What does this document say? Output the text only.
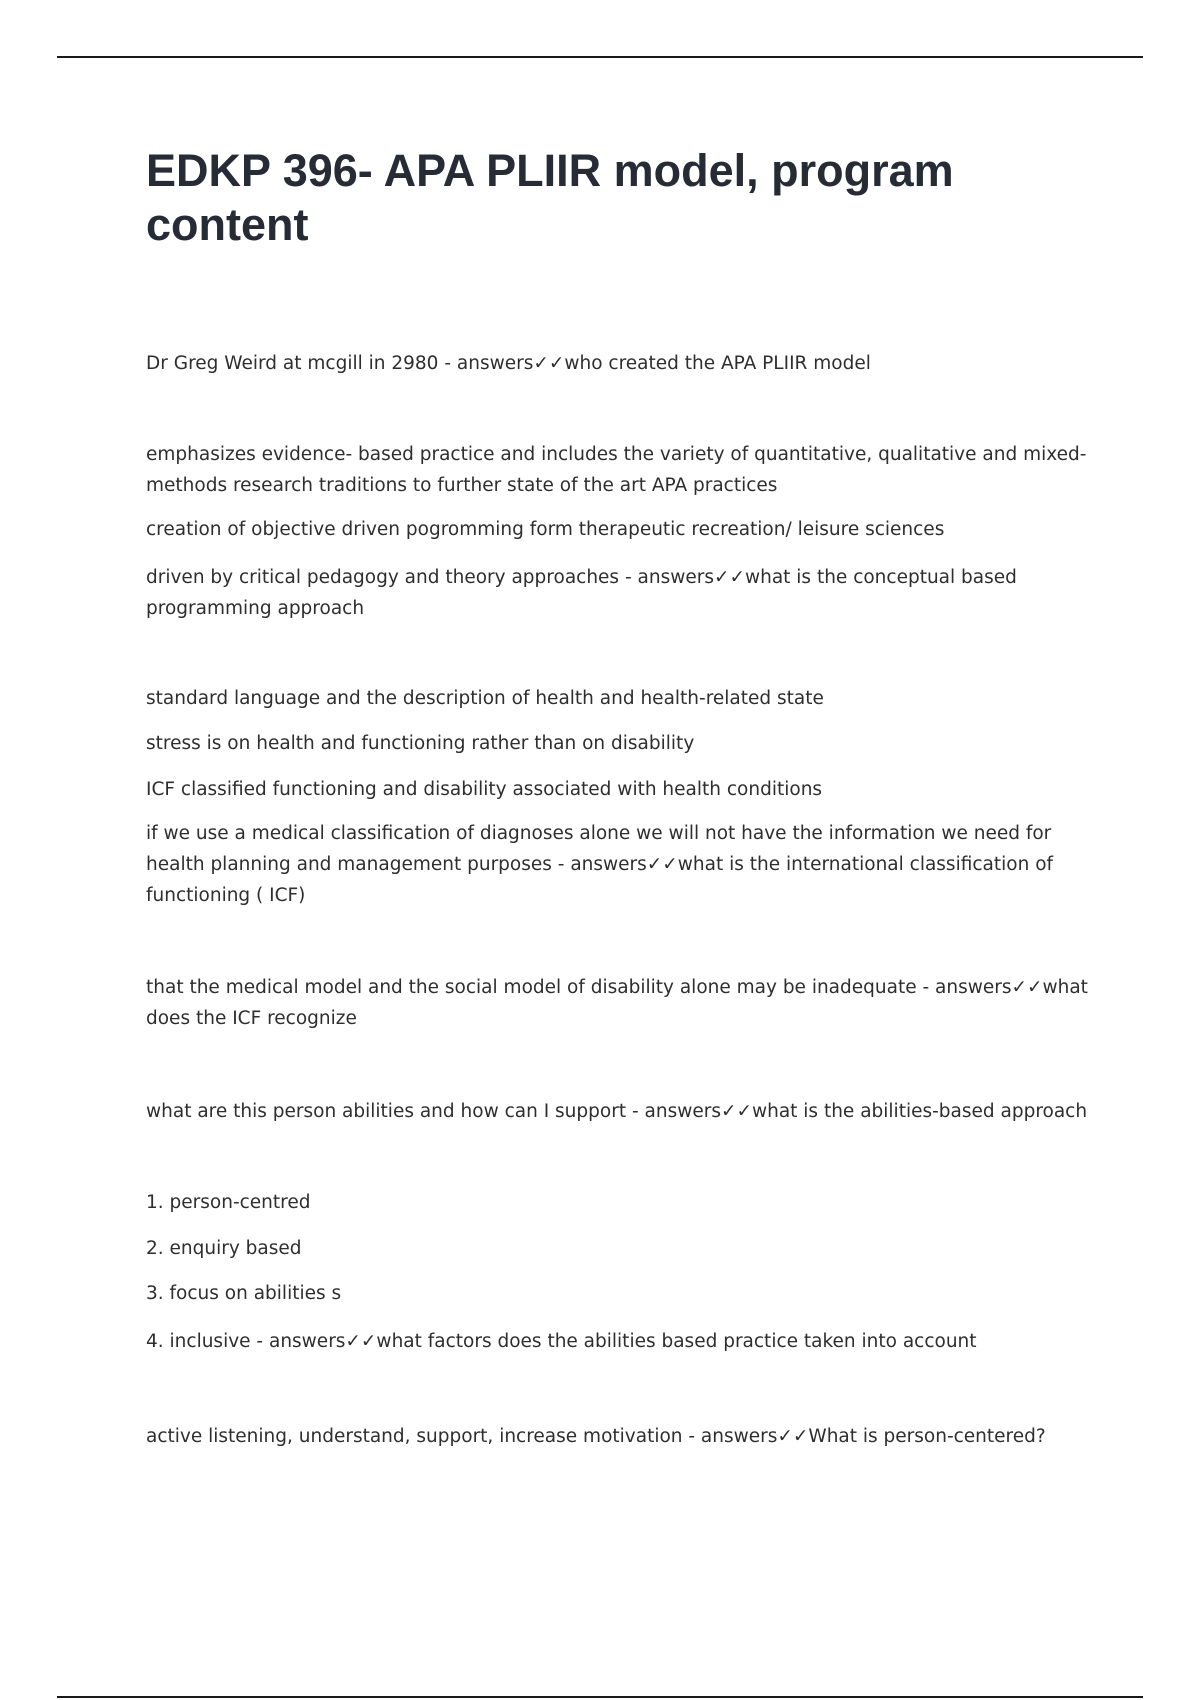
EDKP 396- APA PLIIR model, program content
Dr Greg Weird at mcgill in 2980 - answers✓✓who created the APA PLIIR model
emphasizes evidence- based practice and includes the variety of quantitative, qualitative and mixed-methods research traditions to further state of the art APA practices
creation of objective driven pogromming form therapeutic recreation/ leisure sciences
driven by critical pedagogy and theory approaches - answers✓✓what is the conceptual based programming approach
standard language and the description of health and health-related state
stress is on health and functioning rather than on disability
ICF classified functioning and disability associated with health conditions
if we use a medical classification of diagnoses alone we will not have the information we need for health planning and management purposes - answers✓✓what is the international classification of functioning ( ICF)
that the medical model and the social model of disability alone may be inadequate - answers✓✓what does the ICF recognize
what are this person abilities and how can I support - answers✓✓what is the abilities-based approach
1. person-centred
2. enquiry based
3. focus on abilities s
4. inclusive - answers✓✓what factors does the abilities based practice taken into account
active listening, understand, support, increase motivation - answers✓✓What is person-centered?
